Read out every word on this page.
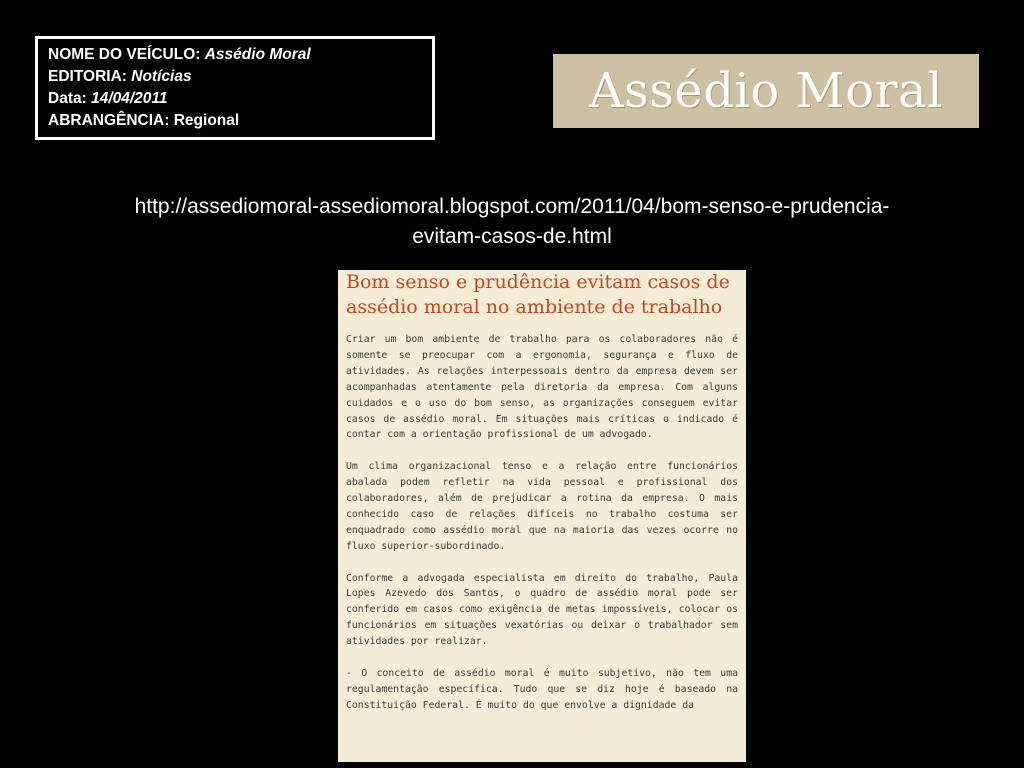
NOME DO VEÍCULO: Assédio Moral
EDITORIA: Notícias
Data: 14/04/2011
ABRANGÊNCIA: Regional
Assédio Moral
http://assediomoral-assediomoral.blogspot.com/2011/04/bom-senso-e-prudencia-
evitam-casos-de.html
Bom senso e prudência evitam casos de assédio moral no ambiente de trabalho

Criar um bom ambiente de trabalho para os colaboradores não é somente se preocupar com a ergonomia, segurança e fluxo de atividades. As relações interpessoais dentro da empresa devem ser acompanhadas atentamente pela diretoria da empresa. Com alguns cuidados e o uso do bom senso, as organizações conseguem evitar casos de assédio moral. Em situações mais críticas o indicado é contar com a orientação profissional de um advogado.

Um clima organizacional tenso e a relação entre funcionários abalada podem refletir na vida pessoal e profissional dos colaboradores, além de prejudicar a rotina da empresa. O mais conhecido caso de relações difíceis no trabalho costuma ser enquadrado como assédio moral que na maioria das vezes ocorre no fluxo superior-subordinado.

Conforme a advogada especialista em direito do trabalho, Paula Lopes Azevedo dos Santos, o quadro de assédio moral pode ser conferido em casos como exigência de metas impossíveis, colocar os funcionários em situações vexatórias ou deixar o trabalhador sem atividades por realizar.

- O conceito de assédio moral é muito subjetivo, não tem uma regulamentação específica. Tudo que se diz hoje é baseado na Constituição Federal. É muito do que envolve a dignidade da
